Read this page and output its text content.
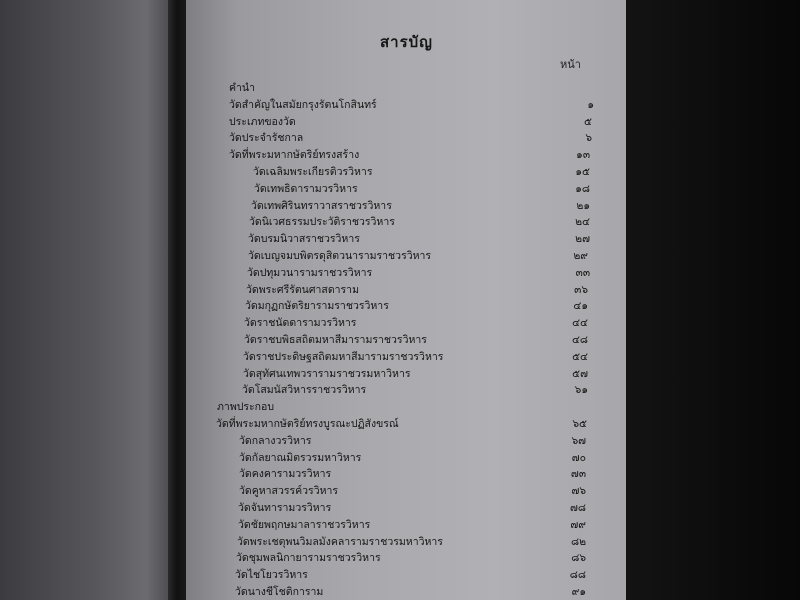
สารบัญ
หน้า
คำนำ
วัดสำคัญในสมัยกรุงรัตนโกสินทร์	๑
ประเภทของวัด	๕
วัดประจำรัชกาล	๖
วัดที่พระมหากษัตริย์ทรงสร้าง	๑๓
วัดเฉลิมพระเกียรติวรวิหาร	๑๕
วัดเทพธิดารามวรวิหาร	๑๘
วัดเทพศิรินทราวาสราชวรวิหาร	๒๑
วัดนิเวศธรรมประวัติราชวรวิหาร	๒๔
วัดบรมนิวาสราชวรวิหาร	๒๗
วัดเบญจมบพิตรดุสิตวนารามราชวรวิหาร	๒๙
วัดปทุมวนารามราชวรวิหาร	๓๓
วัดพระศรีรัตนศาสดาราม	๓๖
วัดมกุฏกษัตริยารามราชวรวิหาร	๔๑
วัดราชนัดดารามวรวิหาร	๔๔
วัดราชบพิธสถิตมหาสีมารามราชวรวิหาร	๔๘
วัดราชประดิษฐสถิตมหาสีมารามราชวรวิหาร	๕๔
วัดสุทัศนเทพวรารามราชวรมหาวิหาร	๕๗
วัดโสมนัสวิหารราชวรวิหาร	๖๑
ภาพประกอบ
วัดที่พระมหากษัตริย์ทรงบูรณะปฏิสังขรณ์	๖๕
วัดกลางวรวิหาร	๖๗
วัดกัลยาณมิตรวรมหาวิหาร	๗๐
วัดคงคารามวรวิหาร	๗๓
วัดคูหาสวรรค์วรวิหาร	๗๖
วัดจันทารามวรวิหาร	๗๘
วัดชัยพฤกษมาลาราชวรวิหาร	๗๙
วัดพระเชตุพนวิมลมังคลารามราชวรมหาวิหาร	๘๒
วัดชุมพลนิกายารามราชวรวิหาร	๘๖
วัดไชโยวรวิหาร	๘๘
วัดนางชีโชติการาม	๙๑
